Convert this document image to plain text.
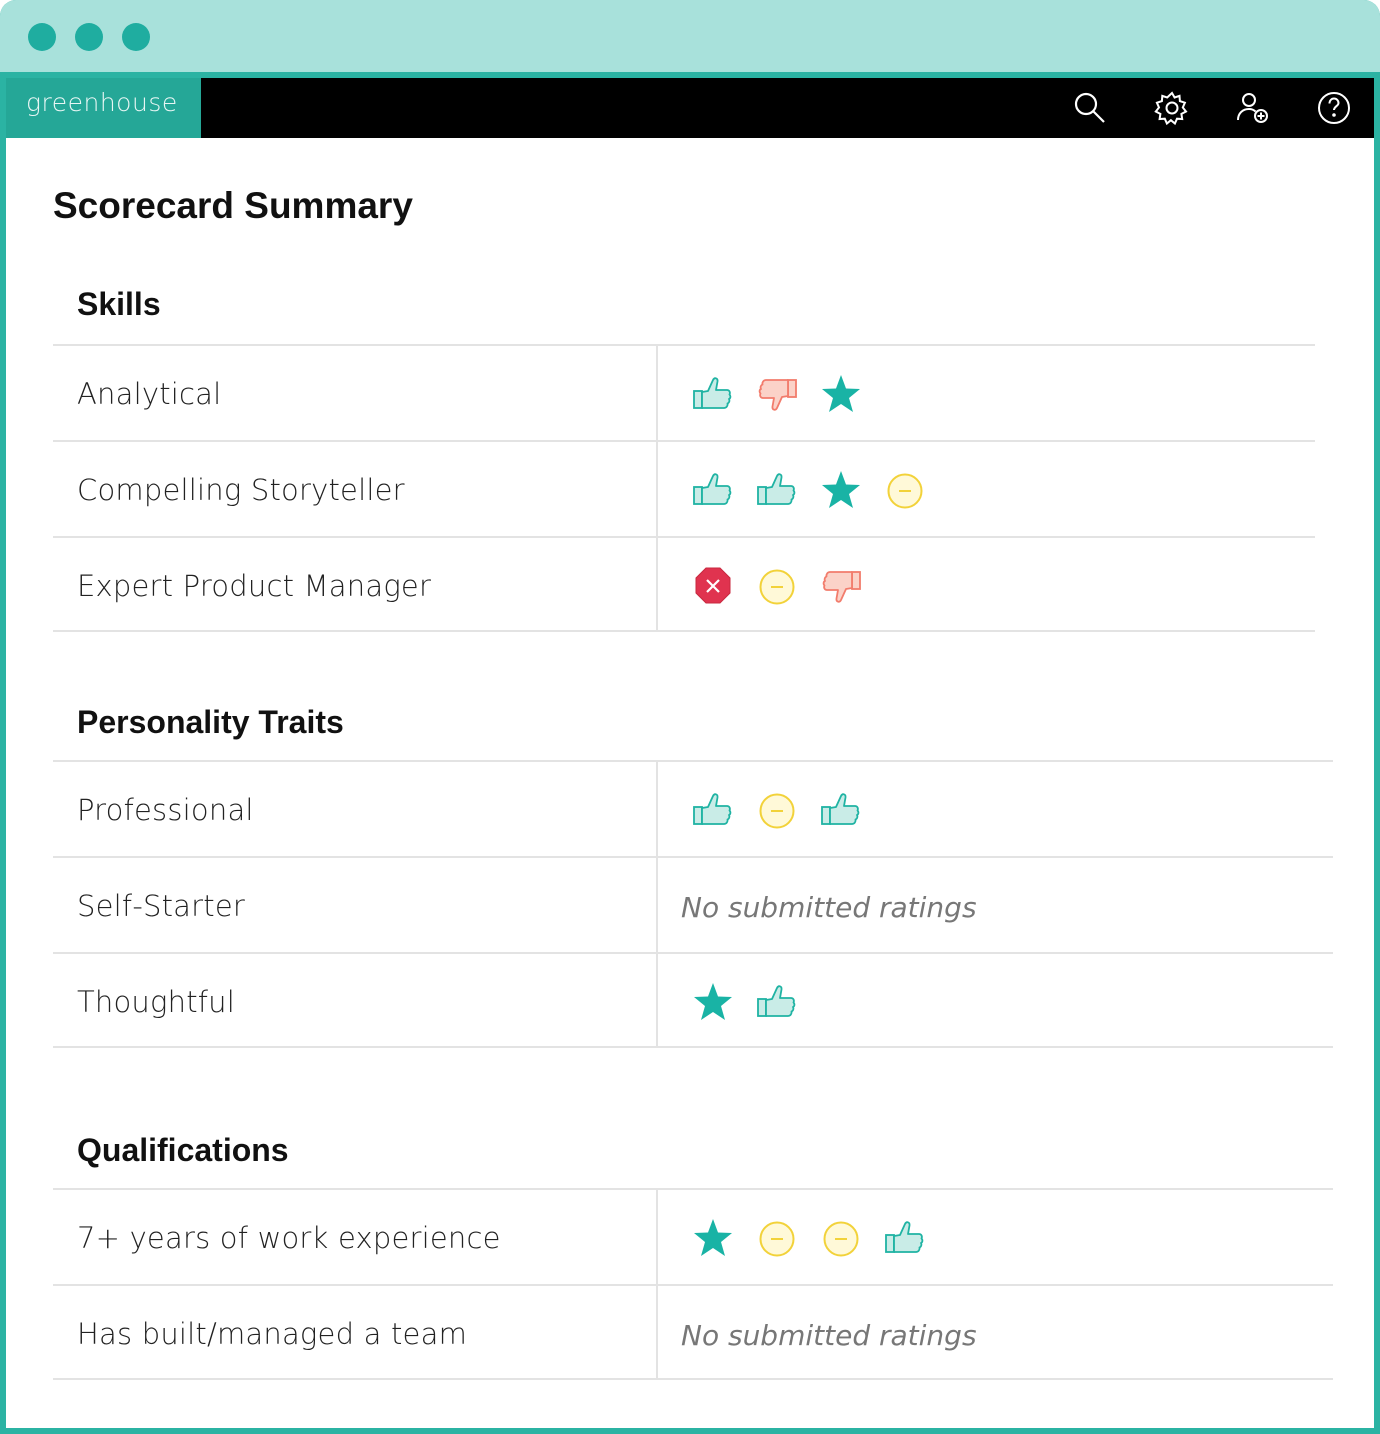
greenhouse
Scorecard Summary
Skills
Analytical
Compelling Storyteller
Expert Product Manager
Personality Traits
Professional
Self-Starter	No submitted ratings
Thoughtful
Qualifications
7+ years of work experience
Has built/managed a team	No submitted ratings
